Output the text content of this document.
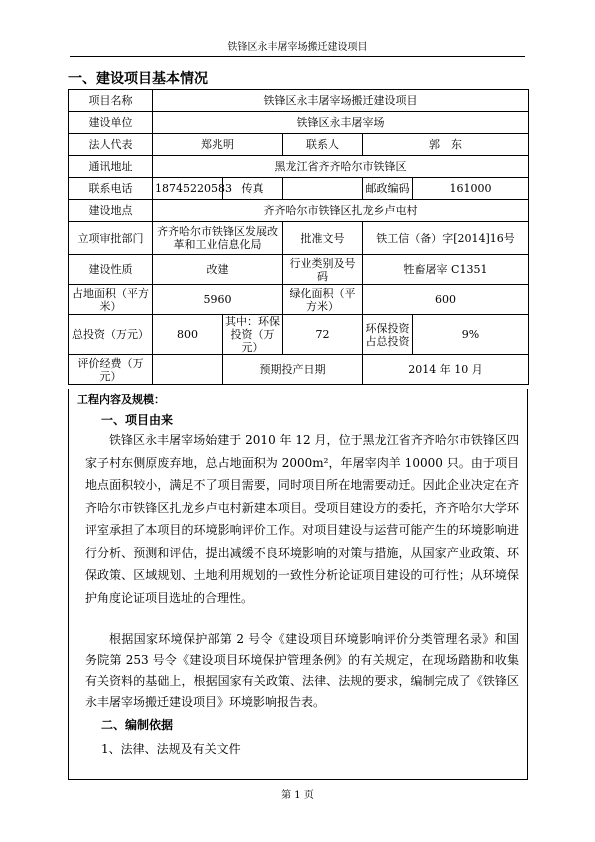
铁锋区永丰屠宰场搬迁建设项目
一、建设项目基本情况
项目名称	铁锋区永丰屠宰场搬迁建设项目				
建设单位	铁锋区永丰屠宰场				
法人代表	郑兆明		联系人	郭　东	
通讯地址	黑龙江省齐齐哈尔市铁锋区				
联系电话	18745220583	传真		邮政编码	161000
建设地点	齐齐哈尔市铁锋区扎龙乡卢屯村				
立项审批部门	齐齐哈尔市铁锋区发展改革和工业信息化局		批准文号	铁工信（备）字[2014]16号	
建设性质	改建		行业类别及号码	牲畜屠宰 C1351	
占地面积（平方米）	5960		绿化面积（平方米）	600	
总投资（万元）	800	其中：环保投资（万元）	72	环保投资占总投资	9%
评价经费（万元）		预期投产日期		2014 年 10 月	
工程内容及规模：
一、项目由来

铁锋区永丰屠宰场始建于 2010 年 12 月，位于黑龙江省齐齐哈尔市铁锋区四家子村东侧原废弃地，总占地面积为 2000m²，年屠宰肉羊 10000 只。由于项目地点面积较小，满足不了项目需要，同时项目所在地需要动迁。因此企业决定在齐齐哈尔市铁锋区扎龙乡卢屯村新建本项目。受项目建设方的委托，齐齐哈尔大学环评室承担了本项目的环境影响评价工作。对项目建设与运营可能产生的环境影响进行分析、预测和评估，提出减缓不良环境影响的对策与措施，从国家产业政策、环保政策、区域规划、土地利用规划的一致性分析论证项目建设的可行性；从环境保护角度论证项目选址的合理性。

根据国家环境保护部第 2 号令《建设项目环境影响评价分类管理名录》和国务院第 253 号令《建设项目环境保护管理条例》的有关规定，在现场踏勘和收集有关资料的基础上，根据国家有关政策、法律、法规的要求，编制完成了《铁锋区永丰屠宰场搬迁建设项目》环境影响报告表。

二、编制依据
1、法律、法规及有关文件
第 1 页
